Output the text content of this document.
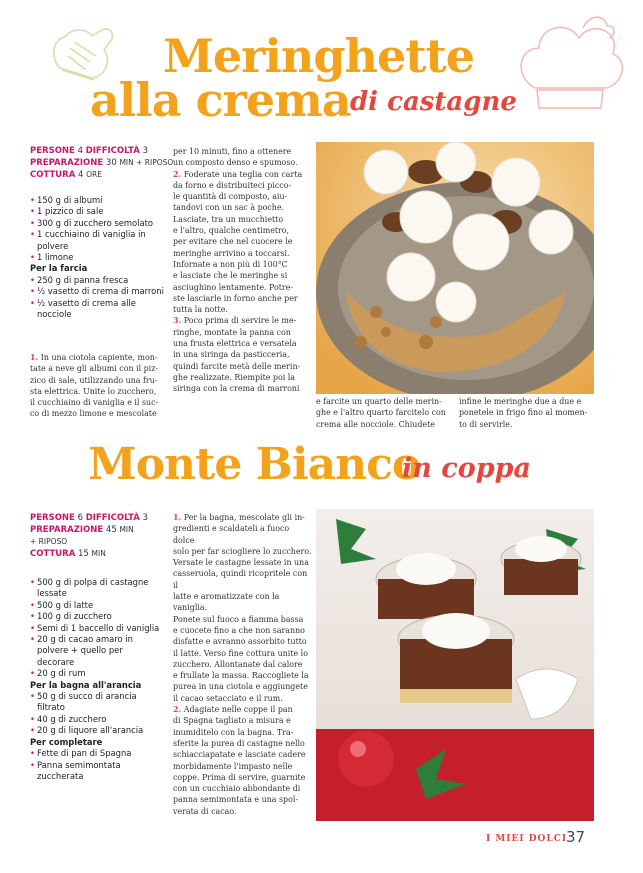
Meringhette
alla crema di castagne
PERSONE 4 DIFFICOLTÀ 3
PREPARAZIONE 30 MIN + RIPOSO
COTTURA 4 ORE
• 150 g di albumi
• 1 pizzico di sale
• 300 g di zucchero semolato
• 1 cucchiaino di vaniglia in polvere
• 1 limone
Per la farcia
• 250 g di panna fresca
• ½ vasetto di crema di marroni
• ½ vasetto di crema alle nocciole
1. In una ciotola capiente, mon-
tate a neve gli albumi con il piz-
zico di sale, utilizzando una fru-
sta elettrica. Unite lo zucchero,
il cucchiaino di vaniglia e il suc-
co di mezzo limone e mescolate
per 10 minuti, fino a ottenere
un composto denso e spumoso.
2. Foderate una teglia con carta
da forno e distribuiteci picco-
le quantità di composto, aiu-
tandovi con un sac à poche.
Lasciate, tra un mucchietto
e l'altro, qualche centimetro,
per evitare che nel cuocere le
meringhe arrivino a toccarsi.
Infornate a non più di 100°C
e lasciate che le meringhe si
asciughino lentamente. Potre-
ste lasciarle in forno anche per
tutta la notte.
3. Poco prima di servire le me-
ringhe, montate la panna con
una frusta elettrica e versatela
in una siringa da pasticceria,
quindi farcite metà delle merin-
ghe realizzate. Riempite poi la
siringa con la crema di marroni
e farcite un quarto delle merin-
ghe e l'altro quarto farcitelo con
crema alle nocciole. Chiudete
infine le meringhe due a due e
ponetele in frigo fino al momen-
to di servirle.
Monte Bianco
in coppa
PERSONE 6 DIFFICOLTÀ 3
PREPARAZIONE 45 MIN
+ RIPOSO
COTTURA 15 MIN
• 500 g di polpa di castagne lessate
• 500 g di latte
• 100 g di zucchero
• Semi di 1 baccello di vaniglia
• 20 g di cacao amaro in polvere + quello per decorare
• 20 g di rum
Per la bagna all'arancia
• 50 g di succo di arancia filtrato
• 40 g di zucchero
• 20 g di liquore all'arancia
Per completare
• Fette di pan di Spagna
• Panna semimontata zuccherata
1. Per la bagna, mescolate gli in-
gredienti e scaldateli a fuoco dolce
solo per far sciogliere lo zucchero.
Versate le castagne lessate in una
casseruola, quindi ricopritele con il
latte e aromatizzate con la vaniglia.
Ponete sul fuoco a fiamma bassa
e cuocete fino a che non saranno
disfatte e avranno assorbito tutto
il latte. Verso fine cottura unite lo
zucchero. Allontanate dal calore
e frullate la massa. Raccogliete la
purea in una ciotola e aggiungete
il cacao setacciato e il rum.
2. Adagiate nelle coppe il pan
di Spagna tagliato a misura e
inumiditelo con la bagna. Tra-
sferite la purea di castagne nello
schiacciapatate e lasciate cadere
morbidamente l'impasto nelle
coppe. Prima di servire, guarnite
con un cucchiaio abbondante di
panna semimontata e una spol-
verata di cacao.
I MIEI DOLCI
37
